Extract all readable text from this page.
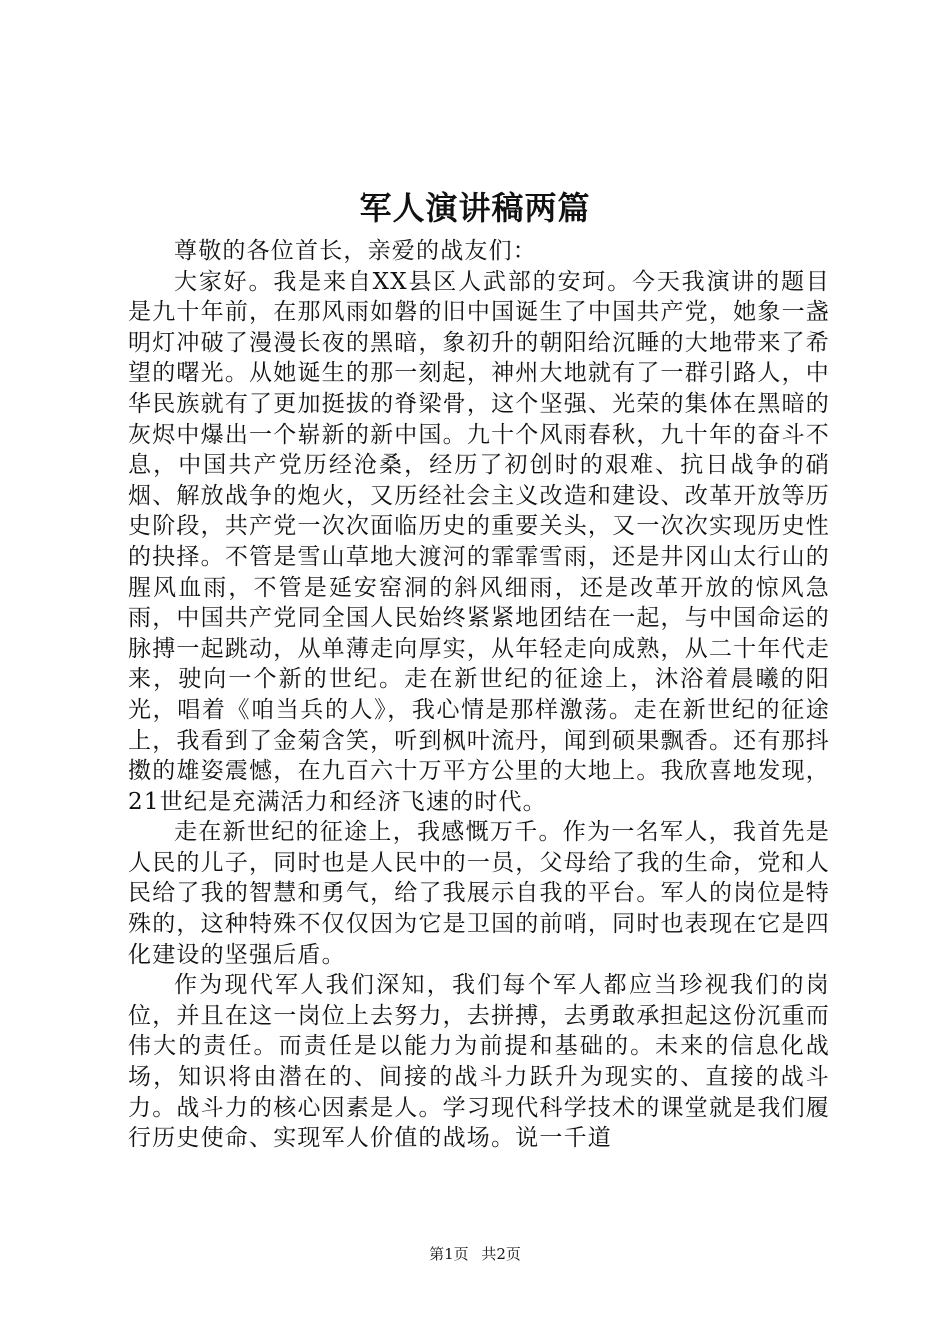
军人演讲稿两篇

尊敬的各位首长，亲爱的战友们：

大家好。我是来自XX县区人武部的安珂。今天我演讲的题目是九十年前，在那风雨如磐的旧中国诞生了中国共产党，她象一盏明灯冲破了漫漫长夜的黑暗，象初升的朝阳给沉睡的大地带来了希望的曙光。从她诞生的那一刻起，神州大地就有了一群引路人，中华民族就有了更加挺拔的脊梁骨，这个坚强、光荣的集体在黑暗的灰烬中爆出一个崭新的新中国。九十个风雨春秋，九十年的奋斗不息，中国共产党历经沧桑，经历了初创时的艰难、抗日战争的硝烟、解放战争的炮火，又历经社会主义改造和建设、改革开放等历史阶段，共产党一次次面临历史的重要关头，又一次次实现历史性的抉择。不管是雪山草地大渡河的霏霏雪雨，还是井冈山太行山的腥风血雨，不管是延安窑洞的斜风细雨，还是改革开放的惊风急雨，中国共产党同全国人民始终紧紧地团结在一起，与中国命运的脉搏一起跳动，从单薄走向厚实，从年轻走向成熟，从二十年代走来，驶向一个新的世纪。走在新世纪的征途上，沐浴着晨曦的阳光，唱着《咱当兵的人》，我心情是那样激荡。走在新世纪的征途上，我看到了金菊含笑，听到枫叶流丹，闻到硕果飘香。还有那抖擞的雄姿震憾，在九百六十万平方公里的大地上。我欣喜地发现，21世纪是充满活力和经济飞速的时代。

走在新世纪的征途上，我感慨万千。作为一名军人，我首先是人民的儿子，同时也是人民中的一员，父母给了我的生命，党和人民给了我的智慧和勇气，给了我展示自我的平台。军人的岗位是特殊的，这种特殊不仅仅因为它是卫国的前哨，同时也表现在它是四化建设的坚强后盾。

作为现代军人我们深知，我们每个军人都应当珍视我们的岗位，并且在这一岗位上去努力，去拼搏，去勇敢承担起这份沉重而伟大的责任。而责任是以能力为前提和基础的。未来的信息化战场，知识将由潜在的、间接的战斗力跃升为现实的、直接的战斗力。战斗力的核心因素是人。学习现代科学技术的课堂就是我们履行历史使命、实现军人价值的战场。说一千道

第1页 共2页
